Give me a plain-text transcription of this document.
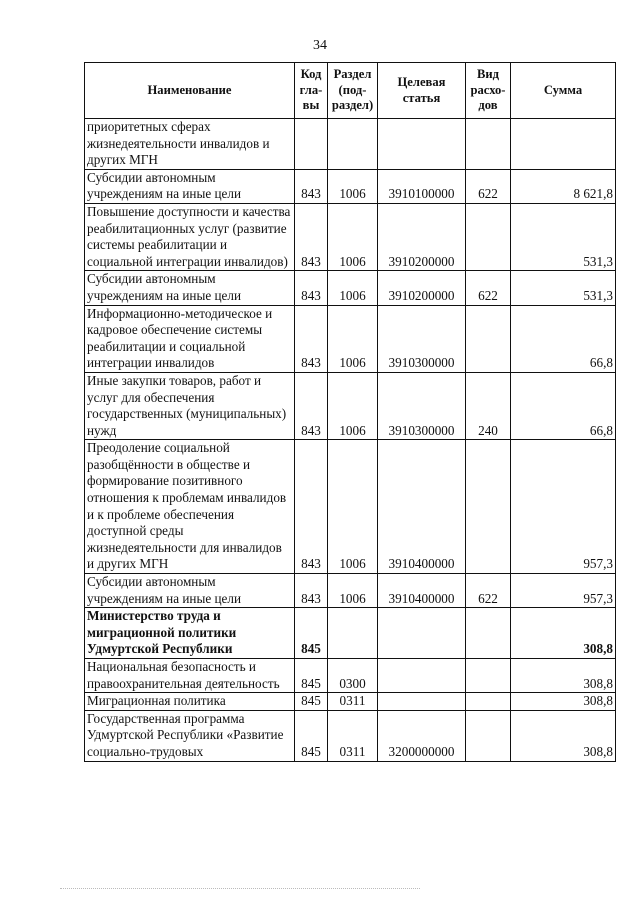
34
Наименование	Код гла-вы	Раздел (под-раздел)	Целевая статья	Вид расхо-дов	Сумма
приоритетных сферах жизнедеятельности инвалидов и других МГН					
Субсидии автономным учреждениям на иные цели	843	1006	3910100000	622	8 621,8
Повышение доступности и качества реабилитационных услуг (развитие системы реабилитации и социальной интеграции инвалидов)	843	1006	3910200000		531,3
Субсидии автономным учреждениям на иные цели	843	1006	3910200000	622	531,3
Информационно-методическое и кадровое обеспечение системы реабилитации и социальной интеграции инвалидов	843	1006	3910300000		66,8
Иные закупки товаров, работ и услуг для обеспечения государственных (муниципальных) нужд	843	1006	3910300000	240	66,8
Преодоление социальной разобщённости в обществе и формирование позитивного отношения к проблемам инвалидов и к проблеме обеспечения доступной среды жизнедеятельности для инвалидов и других МГН	843	1006	3910400000		957,3
Субсидии автономным учреждениям на иные цели	843	1006	3910400000	622	957,3
Министерство труда и миграционной политики Удмуртской Республики	845				308,8
Национальная безопасность и правоохранительная деятельность	845	0300			308,8
Миграционная политика	845	0311			308,8
Государственная программа Удмуртской Республики «Развитие социально-трудовых	845	0311	3200000000		308,8
